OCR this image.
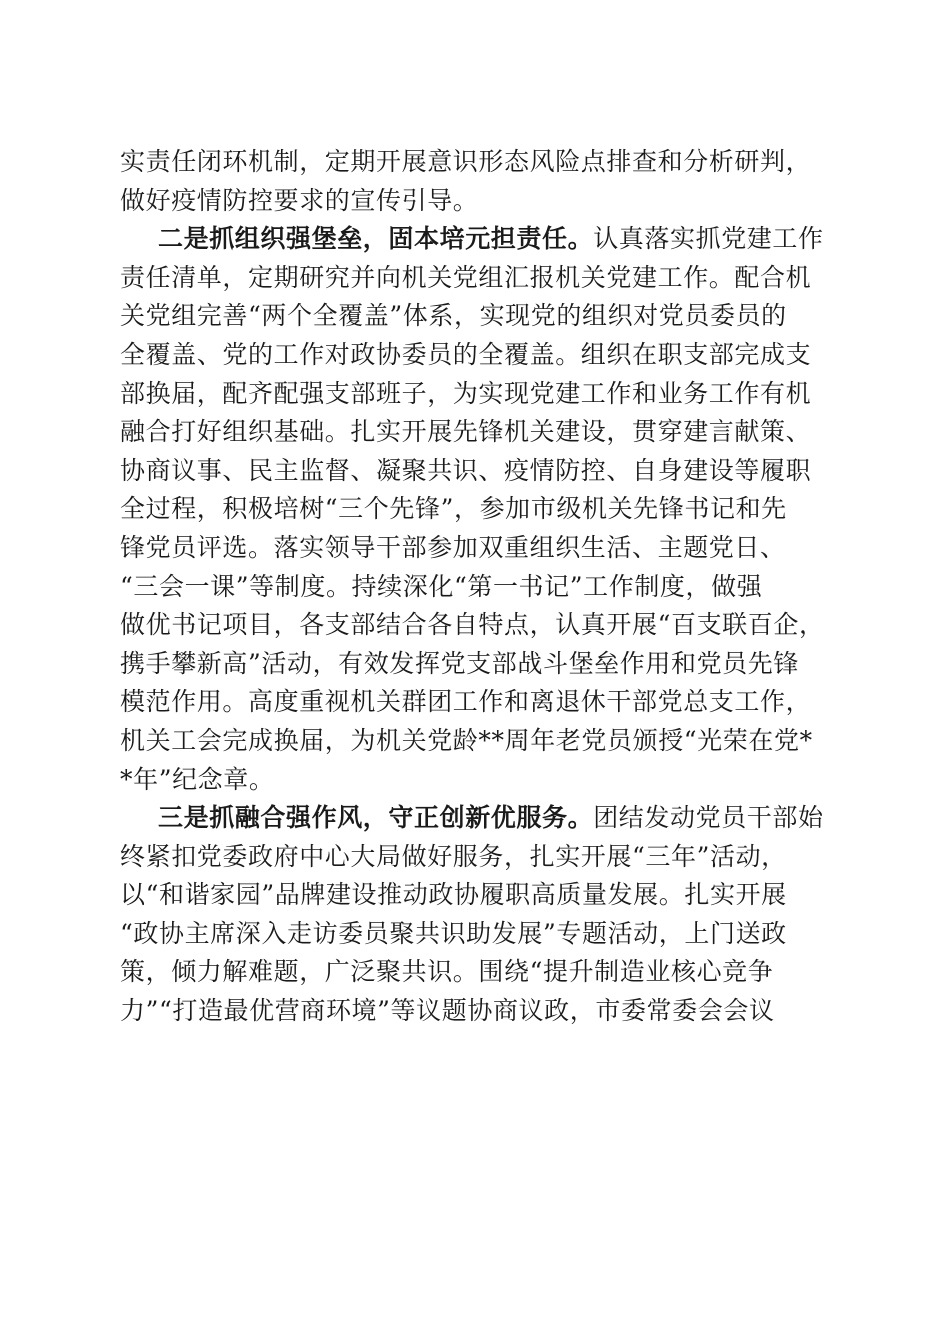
实责任闭环机制，定期开展意识形态风险点排查和分析研判，
做好疫情防控要求的宣传引导。
二是抓组织强堡垒，固本培元担责任。认真落实抓党建工作
责任清单，定期研究并向机关党组汇报机关党建工作。配合机
关党组完善“两个全覆盖”体系，实现党的组织对党员委员的
全覆盖、党的工作对政协委员的全覆盖。组织在职支部完成支
部换届，配齐配强支部班子，为实现党建工作和业务工作有机
融合打好组织基础。扎实开展先锋机关建设，贯穿建言献策、
协商议事、民主监督、凝聚共识、疫情防控、自身建设等履职
全过程，积极培树“三个先锋”，参加市级机关先锋书记和先
锋党员评选。落实领导干部参加双重组织生活、主题党日、
“三会一课”等制度。持续深化“第一书记”工作制度，做强
做优书记项目，各支部结合各自特点，认真开展“百支联百企，
携手攀新高”活动，有效发挥党支部战斗堡垒作用和党员先锋
模范作用。高度重视机关群团工作和离退休干部党总支工作，
机关工会完成换届，为机关党龄**周年老党员颁授“光荣在党*
*年”纪念章。
三是抓融合强作风，守正创新优服务。团结发动党员干部始
终紧扣党委政府中心大局做好服务，扎实开展“三年”活动，
以“和谐家园”品牌建设推动政协履职高质量发展。扎实开展
“政协主席深入走访委员聚共识助发展”专题活动，上门送政
策，倾力解难题，广泛聚共识。围绕“提升制造业核心竞争
力”“打造最优营商环境”等议题协商议政，市委常委会会议
